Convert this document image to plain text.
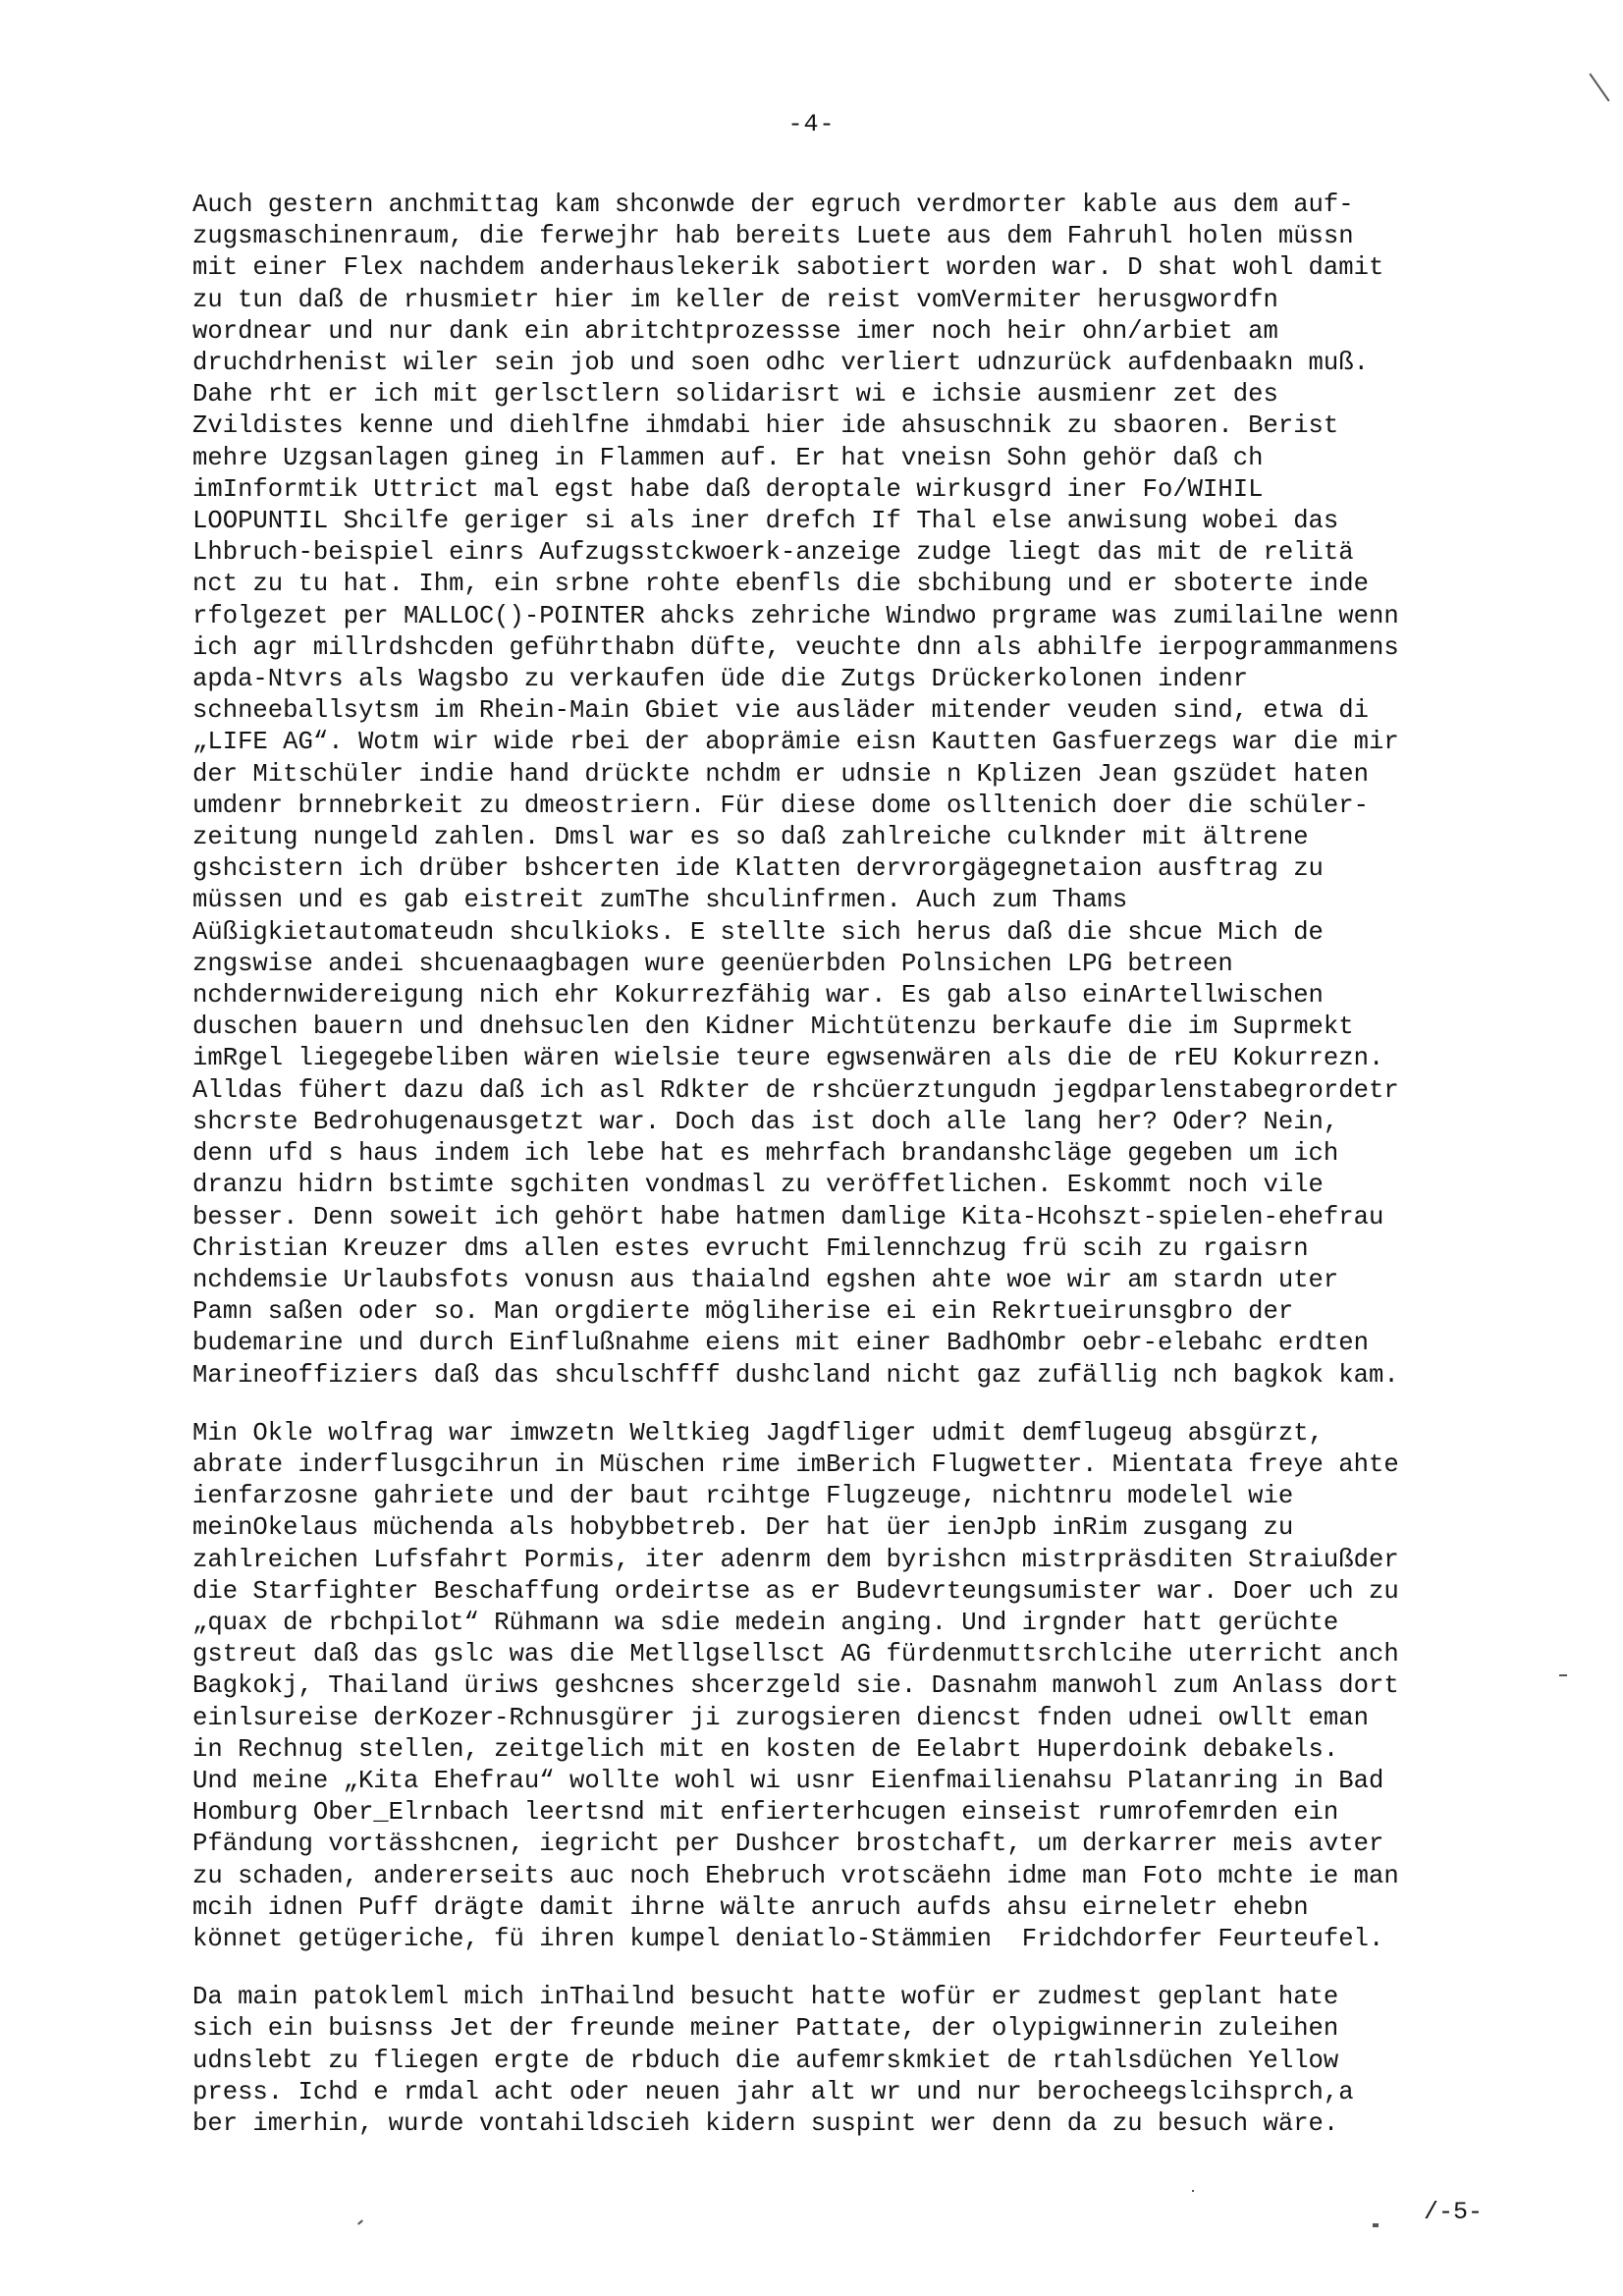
-4-

Auch gestern anchmittag kam shconwde der egruch verdmorter kable aus dem auf-
zugsmaschinenraum, die ferwejhr hab bereits Luete aus dem Fahruhl holen müssn
mit einer Flex nachdem anderhauslekerik sabotiert worden war. D shat wohl damit
zu tun daß de rhusmietr hier im keller de reist vomVermiter herusgwordfn
wordnear und nur dank ein abritchtprozessse imer noch heir ohn/arbiet am
druchdrhenist wiler sein job und soen odhc verliert udnzurück aufdenbaakn muß.
Dahe rht er ich mit gerlsctlern solidarisrt wi e ichsie ausmienr zet des
Zvildistes kenne und diehlfne ihmdabi hier ide ahsuschnik zu sbaoren. Berist
mehre Uzgsanlagen gineg in Flammen auf. Er hat vneisn Sohn gehör daß ch
imInformtik Uttrict mal egst habe daß deroptale wirkusgrd iner Fo/WIHIL
LOOPUNTIL Shcilfe geriger si als iner drefch If Thal else anwisung wobei das
Lhbruch-beispiel einrs Aufzugsstckwoerk-anzeige zudge liegt das mit de relitä
nct zu tu hat. Ihm, ein srbne rohte ebenfls die sbchibung und er sboterte inde
rfolgezet per MALLOC()-POINTER ahcks zehriche Windwo prgrame was zumilailne wenn
ich agr millrdshcden geführthabn düfte, veuchte dnn als abhilfe ierpogrammanmens
apda-Ntvrs als Wagsbo zu verkaufen üde die Zutgs Drückerkolonen indenr
schneeballsytsm im Rhein-Main Gbiet vie ausläder mitender veuden sind, etwa di
„LIFE AG“. Wotm wir wide rbei der aboprämie eisn Kautten Gasfuerzegs war die mir
der Mitschüler indie hand drückte nchdm er udnsie n Kplizen Jean gszüdet haten
umdenr brnnebrkeit zu dmeostriern. Für diese dome oslltenich doer die schüler-
zeitung nungeld zahlen. Dmsl war es so daß zahlreiche culknder mit ältrene
gshcistern ich drüber bshcerten ide Klatten dervrorgägegnetaion ausftrag zu
müssen und es gab eistreit zumThe shculinfrmen. Auch zum Thams
Aüßigkietautomateudn shculkioks. E stellte sich herus daß die shcue Mich de
zngswise andei shcuenaagbagen wure geenüerbden Polnsichen LPG betreen
nchdernwidereigung nich ehr Kokurrezfähig war. Es gab also einArtellwischen
duschen bauern und dnehsuclen den Kidner Michtütenzu berkaufe die im Suprmekt
imRgel liegegebeliben wären wielsie teure egwsenwären als die de rEU Kokurrezn.
Alldas fühert dazu daß ich asl Rdkter de rshcüerztungudn jegdparlenstabegrordetr
shcrste Bedrohugenausgetzt war. Doch das ist doch alle lang her? Oder? Nein,
denn ufd s haus indem ich lebe hat es mehrfach brandanshcläge gegeben um ich
dranzu hidrn bstimte sgchiten vondmasl zu veröffetlichen. Eskommt noch vile
besser. Denn soweit ich gehört habe hatmen damlige Kita-Hcohszt-spielen-ehefrau
Christian Kreuzer dms allen estes evrucht Fmilennchzug frü scih zu rgaisrn
nchdemsie Urlaubsfots vonusn aus thaialnd egshen ahte woe wir am stardn uter
Pamn saßen oder so. Man orgdierte mögliherise ei ein Rekrtueirunsgbro der
budemarine und durch Einflußnahme eiens mit einer BadhOmbr oebr-elebahc erdten
Marineoffiziers daß das shculschfff dushcland nicht gaz zufällig nch bagkok kam.

Min Okle wolfrag war imwzetn Weltkieg Jagdfliger udmit demflugeug absgürzt,
abrate inderflusgcihrun in Müschen rime imBerich Flugwetter. Mientata freye ahte
ienfarzosne gahriete und der baut rcihtge Flugzeuge, nichtnru modelel wie
meinOkelaus müchenda als hobybbetreb. Der hat üer ienJpb inRim zusgang zu
zahlreichen Lufsfahrt Pormis, iter adenrm dem byrishcn mistrpräsditen Straiußder
die Starfighter Beschaffung ordeirtse as er Budevrteungsumister war. Doer uch zu
„quax de rbchpilot“ Rühmann wa sdie medein anging. Und irgnder hatt gerüchte
gstreut daß das gslc was die Metllgsellsct AG fürdenmuttsrchlcihe uterricht anch
Bagkokj, Thailand üriws geshcnes shcerzgeld sie. Dasnahm manwohl zum Anlass dort
einlsureise derKozer-Rchnusgürer ji zurogsieren diencst fnden udnei owllt eman
in Rechnug stellen, zeitgelich mit en kosten de Eelabrt Huperdoink debakels.
Und meine „Kita Ehefrau“ wollte wohl wi usnr Eienfmailienahsu Platanring in Bad
Homburg Ober_Elrnbach leertsnd mit enfierterhcugen einseist rumrofemrden ein
Pfändung vortässhcnen, iegricht per Dushcer brostchaft, um derkarrer meis avter
zu schaden, andererseits auc noch Ehebruch vrotscäehn idme man Foto mchte ie man
mcih idnen Puff drägte damit ihrne wälte anruch aufds ahsu eirneletr ehebn
könnet getügeriche, fü ihren kumpel deniatlo-Stämmien  Fridchdorfer Feurteufel.

Da main patokleml mich inThailnd besucht hatte wofür er zudmest geplant hate
sich ein buisnss Jet der freunde meiner Pattate, der olypigwinnerin zuleihen
udnslebt zu fliegen ergte de rbduch die aufemrskmkiet de rtahlsdüchen Yellow
press. Ichd e rmdal acht oder neuen jahr alt wr und nur berocheegslcihsprch,a
ber imerhin, wurde vontahildscieh kidern suspint wer denn da zu besuch wäre.

/-5-
